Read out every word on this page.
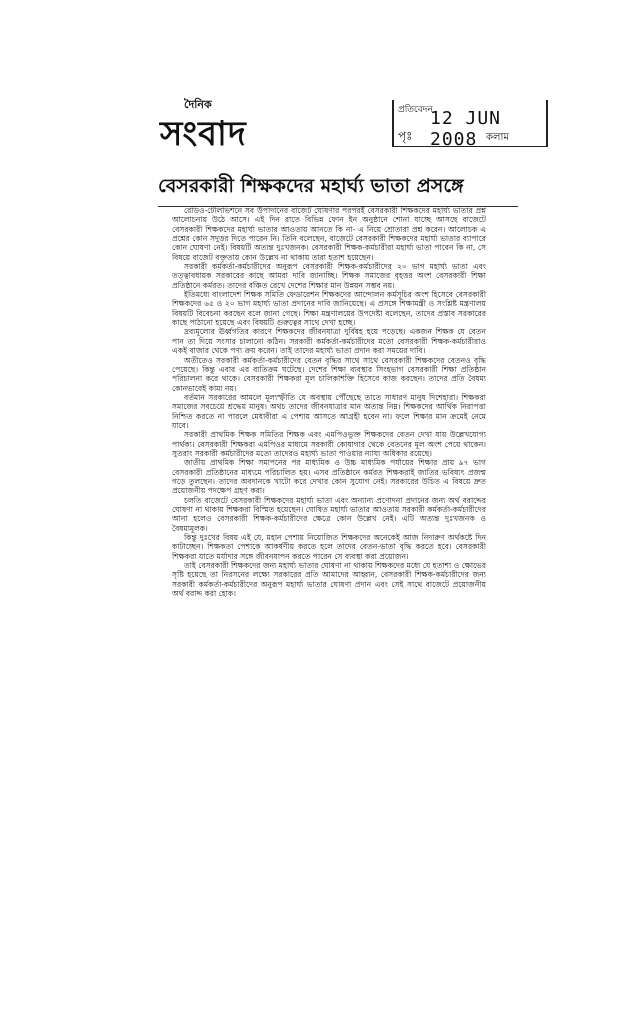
দৈনিক
সংবাদ
প্রতিবেদন
12 JUN 2008
পৃঃ	কলাম
বেসরকারী শিক্ষকদের মহার্ঘ্য ভাতা প্রসঙ্গে

রেডিও-টেলিভিশনে সব উপাদানের বাজেট ঘোষণার পরপরই বেসরকারী শিক্ষকদের মহার্ঘ্য ভাতার প্রশ্ন আলোচনায় উঠে আসে। এই দিন রাতে বিভিন্ন ফোন ইন অনুষ্ঠানে শোনা যাচ্ছে আসছে বাজেটে বেসরকারী শিক্ষকদের মহার্ঘ্য ভাতার আওতায় আনতে কি না- এ নিয়ে শ্রোতারা প্রশ্ন করেন। আলোচক এ প্রশ্নের কোন সদুত্তর দিতে পারেন নি। তিনি বলেছেন, বাজেটে বেসরকারী শিক্ষকদের মহার্ঘ্য ভাতার ব্যাপারে কোন ঘোষণা নেই। বিষয়টি অত্যন্ত দুঃখজনক। বেসরকারী শিক্ষক-কর্মচারীরা মহার্ঘ্য ভাতা পাবেন কি না, সে বিষয়ে বাজেট বক্তৃতায় কোন উল্লেখ না থাকায় তারা হতাশ হয়েছেন।

সরকারী কর্মকর্তা-কর্মচারীদের অনুরূপ বেসরকারী শিক্ষক-কর্মচারীদের ২০ ভাগ মহার্ঘ্য ভাতা এবং তত্ত্বাবধায়ক সরকারের কাছে আমরা দাবি জানাচ্ছি। শিক্ষক সমাজের বৃহত্তর অংশ বেসরকারী শিক্ষা প্রতিষ্ঠানে কর্মরত। তাদের বঞ্চিত রেখে দেশের শিক্ষার মান উন্নয়ন সম্ভব নয়।

ইতিমধ্যে বাংলাদেশ শিক্ষক সমিতি ফেডারেশন শিক্ষকদের আন্দোলন কর্মসূচির অংশ হিসেবে বেসরকারী শিক্ষকদের ৬৫ ও ২০ ভাগ মহার্ঘ্য ভাতা প্রদানের দাবি জানিয়েছে। এ প্রসঙ্গে শিক্ষামন্ত্রী ও সংশ্লিষ্ট মন্ত্রণালয় বিষয়টি বিবেচনা করছেন বলে জানা গেছে। শিক্ষা মন্ত্রণালয়ের উপদেষ্টা বলেছেন, তাদের প্রস্তাব সরকারের কাছে পাঠানো হয়েছে এবং বিষয়টি গুরুত্বের সাথে দেখা হচ্ছে।

দ্রব্যমূল্যের ঊর্ধ্বগতির কারণে শিক্ষকদের জীবনযাত্রা দুর্বিষহ হয়ে পড়েছে। একজন শিক্ষক যে বেতন পান তা দিয়ে সংসার চালানো কঠিন। সরকারী কর্মকর্তা-কর্মচারীদের মতো বেসরকারী শিক্ষক-কর্মচারীরাও একই বাজার থেকে পণ্য ক্রয় করেন। তাই তাদের মহার্ঘ্য ভাতা প্রদান করা সময়ের দাবি।

অতীতেও সরকারী কর্মকর্তা-কর্মচারীদের বেতন বৃদ্ধির সাথে সাথে বেসরকারী শিক্ষকদের বেতনও বৃদ্ধি পেয়েছে। কিন্তু এবার এর ব্যতিক্রম ঘটেছে। দেশের শিক্ষা ব্যবস্থার সিংহভাগ বেসরকারী শিক্ষা প্রতিষ্ঠান পরিচালনা করে থাকে। বেসরকারী শিক্ষকরা মূল চালিকাশক্তি হিসেবে কাজ করছেন। তাদের প্রতি বৈষম্য কোনভাবেই কাম্য নয়।

বর্তমান সরকারের আমলে মূল্যস্ফীতি যে অবস্থায় পৌঁছেছে তাতে সাধারণ মানুষ দিশেহারা। শিক্ষকরা সমাজের সবচেয়ে শ্রদ্ধেয় মানুষ। অথচ তাদের জীবনযাত্রার মান অত্যন্ত নিম্ন। শিক্ষকদের আর্থিক নিরাপত্তা নিশ্চিত করতে না পারলে মেধাবীরা এ পেশায় আসতে আগ্রহী হবেন না। ফলে শিক্ষার মান ক্রমেই নেমে যাবে।

সরকারী প্রাথমিক শিক্ষক সমিতির শিক্ষক এবং এমপিওভুক্ত শিক্ষকদের বেতন দেখা যায় উল্লেখযোগ্য পার্থক্য। বেসরকারী শিক্ষকরা এমপিওর মাধ্যমে সরকারী কোষাগার থেকে বেতনের মূল অংশ পেয়ে থাকেন। সুতরাং সরকারী কর্মচারীদের মতো তাদেরও মহার্ঘ্য ভাতা পাওয়ার ন্যায্য অধিকার রয়েছে।

জাতীয় প্রাথমিক শিক্ষা সমাপনের পর মাধ্যমিক ও উচ্চ মাধ্যমিক পর্যায়ের শিক্ষার প্রায় ৯৭ ভাগ বেসরকারী প্রতিষ্ঠানের মাধ্যমে পরিচালিত হয়। এসব প্রতিষ্ঠানে কর্মরত শিক্ষকরাই জাতির ভবিষ্যৎ প্রজন্ম গড়ে তুলছেন। তাদের অবদানকে খাটো করে দেখার কোন সুযোগ নেই। সরকারের উচিত এ বিষয়ে দ্রুত প্রয়োজনীয় পদক্ষেপ গ্রহণ করা।

চলতি বাজেটে বেসরকারী শিক্ষকদের মহার্ঘ্য ভাতা এবং অন্যান্য প্রণোদনা প্রদানের জন্য অর্থ বরাদ্দের ঘোষণা না থাকায় শিক্ষকরা বিস্মিত হয়েছেন। ঘোষিত মহার্ঘ্য ভাতার আওতায় সরকারী কর্মকর্তা-কর্মচারীদের আনা হলেও বেসরকারী শিক্ষক-কর্মচারীদের ক্ষেত্রে কোন উল্লেখ নেই। এটি অত্যন্ত দুঃখজনক ও বৈষম্যমূলক।

কিন্তু দুঃখের বিষয় এই যে, মহান পেশায় নিয়োজিত শিক্ষকদের অনেকেই আজ নিদারুণ অর্থকষ্টে দিন কাটাচ্ছেন। শিক্ষকতা পেশাকে আকর্ষণীয় করতে হলে তাদের বেতন-ভাতা বৃদ্ধি করতে হবে। বেসরকারী শিক্ষকরা যাতে মর্যাদার সঙ্গে জীবনযাপন করতে পারেন সে ব্যবস্থা করা প্রয়োজন।

তাই বেসরকারী শিক্ষকদের জন্য মহার্ঘ্য ভাতার ঘোষণা না থাকায় শিক্ষকদের মধ্যে যে হতাশা ও ক্ষোভের সৃষ্টি হয়েছে তা নিরসনের লক্ষ্যে সরকারের প্রতি আমাদের আহ্বান, বেসরকারী শিক্ষক-কর্মচারীদের জন্য সরকারী কর্মকর্তা-কর্মচারীদের অনুরূপ মহার্ঘ্য ভাতার ঘোষণা প্রদান এবং সেই সাথে বাজেটে প্রয়োজনীয় অর্থ বরাদ্দ করা হোক।
